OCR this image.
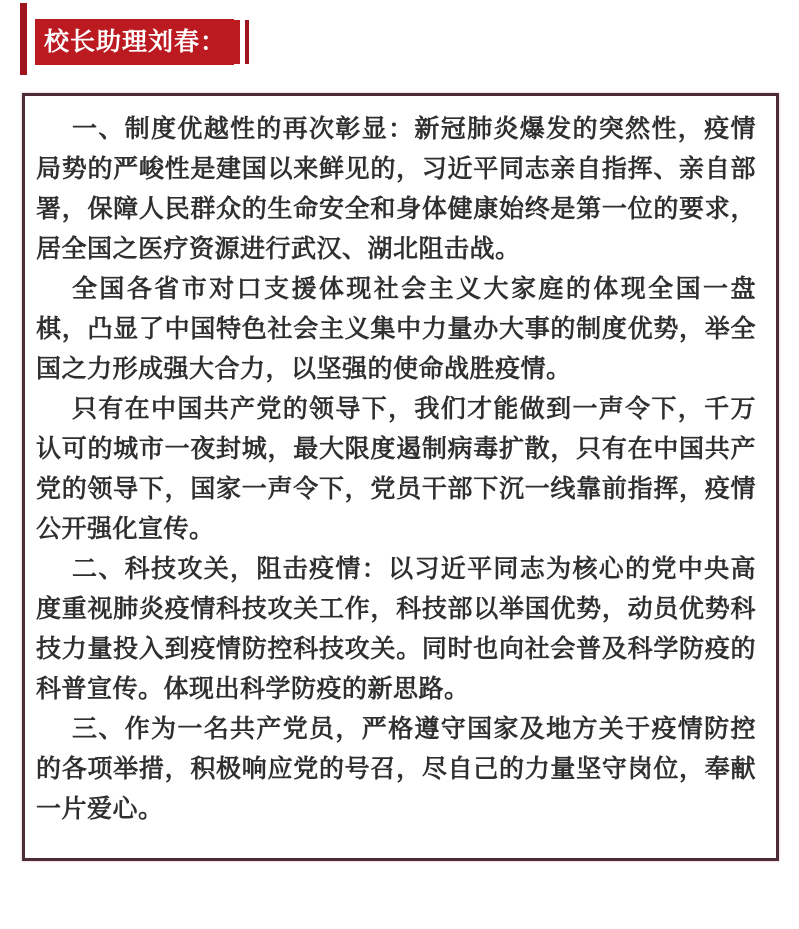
校长助理刘春：

一、制度优越性的再次彰显：新冠肺炎爆发的突然性，疫情局势的严峻性是建国以来鲜见的，习近平同志亲自指挥、亲自部署，保障人民群众的生命安全和身体健康始终是第一位的要求，居全国之医疗资源进行武汉、湖北阻击战。

全国各省市对口支援体现社会主义大家庭的体现全国一盘棋，凸显了中国特色社会主义集中力量办大事的制度优势，举全国之力形成强大合力，以坚强的使命战胜疫情。

只有在中国共产党的领导下，我们才能做到一声令下，千万认可的城市一夜封城，最大限度遏制病毒扩散，只有在中国共产党的领导下，国家一声令下，党员干部下沉一线靠前指挥，疫情公开强化宣传。

二、科技攻关，阻击疫情：以习近平同志为核心的党中央高度重视肺炎疫情科技攻关工作，科技部以举国优势，动员优势科技力量投入到疫情防控科技攻关。同时也向社会普及科学防疫的科普宣传。体现出科学防疫的新思路。

三、作为一名共产党员，严格遵守国家及地方关于疫情防控的各项举措，积极响应党的号召，尽自己的力量坚守岗位，奉献一片爱心。
